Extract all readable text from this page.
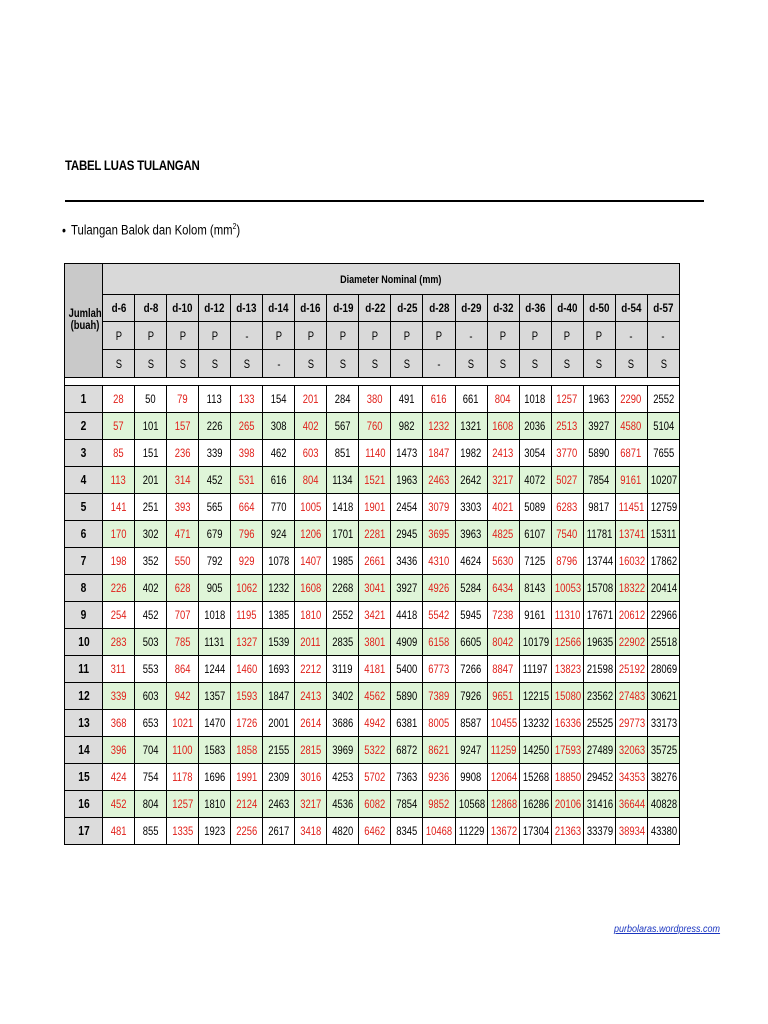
TABEL LUAS TULANGAN
• Tulangan Balok dan Kolom $(mm^2)$
Jumlah (buah)	Diameter Nominal (mm)																	
	d-6	d-8	d-10	d-12	d-13	d-14	d-16	d-19	d-22	d-25	d-28	d-29	d-32	d-36	d-40	d-50	d-54	d-57
	P	P	P	P	-	P	P	P	P	P	P	-	P	P	P	P	-	-
	S	S	S	S	S	-	S	S	S	S	-	S	S	S	S	S	S	S

1	28	50	79	113	133	154	201	284	380	491	616	661	804	1018	1257	1963	2290	2552
2	57	101	157	226	265	308	402	567	760	982	1232	1321	1608	2036	2513	3927	4580	5104
3	85	151	236	339	398	462	603	851	1140	1473	1847	1982	2413	3054	3770	5890	6871	7655
4	113	201	314	452	531	616	804	1134	1521	1963	2463	2642	3217	4072	5027	7854	9161	10207
5	141	251	393	565	664	770	1005	1418	1901	2454	3079	3303	4021	5089	6283	9817	11451	12759
6	170	302	471	679	796	924	1206	1701	2281	2945	3695	3963	4825	6107	7540	11781	13741	15311
7	198	352	550	792	929	1078	1407	1985	2661	3436	4310	4624	5630	7125	8796	13744	16032	17862
8	226	402	628	905	1062	1232	1608	2268	3041	3927	4926	5284	6434	8143	10053	15708	18322	20414
9	254	452	707	1018	1195	1385	1810	2552	3421	4418	5542	5945	7238	9161	11310	17671	20612	22966
10	283	503	785	1131	1327	1539	2011	2835	3801	4909	6158	6605	8042	10179	12566	19635	22902	25518
11	311	553	864	1244	1460	1693	2212	3119	4181	5400	6773	7266	8847	11197	13823	21598	25192	28069
12	339	603	942	1357	1593	1847	2413	3402	4562	5890	7389	7926	9651	12215	15080	23562	27483	30621
13	368	653	1021	1470	1726	2001	2614	3686	4942	6381	8005	8587	10455	13232	16336	25525	29773	33173
14	396	704	1100	1583	1858	2155	2815	3969	5322	6872	8621	9247	11259	14250	17593	27489	32063	35725
15	424	754	1178	1696	1991	2309	3016	4253	5702	7363	9236	9908	12064	15268	18850	29452	34353	38276
16	452	804	1257	1810	2124	2463	3217	4536	6082	7854	9852	10568	12868	16286	20106	31416	36644	40828
17	481	855	1335	1923	2256	2617	3418	4820	6462	8345	10468	11229	13672	17304	21363	33379	38934	43380
purbolaras.wordpress.com
